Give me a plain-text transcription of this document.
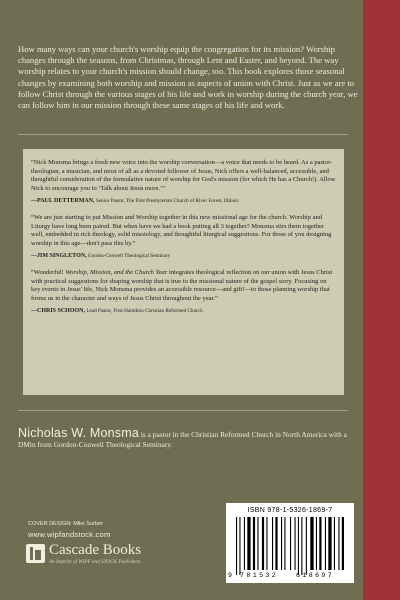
How many ways can your church's worship equip the congregation for its mission? Worship changes through the seasons, from Christmas, through Lent and Easter, and beyond. The way worship relates to your church's mission should change, too. This book explores those seasonal changes by examining both worship and mission as aspects of union with Christ. Just as we are to follow Christ through the various stages of his life and work in worship during the church year, we can follow him in our mission through these same stages of his life and work.

“Nick Monsma brings a fresh new voice into the worship conversation—a voice that needs to be heard. As a pastor-theologian, a musician, and most of all as a devoted follower of Jesus, Nick offers a well-balanced, accessible, and thoughtful consideration of the formulative nature of worship for God's mission (for which He has a Church!). Allow Nick to encourage you to ‘Talk about Jesus more.’”

—PAUL DETTERMAN, Senior Pastor, The First Presbyterian Church of River Forest, Illinois

“We are just starting to put Mission and Worship together in this new missional age for the church. Worship and Liturgy have long been paired. But when have we had a book putting all 3 together? Monsma stirs them together well, embedded in rich theology, solid missiology, and thoughtful liturgical suggestions. For those of you designing worship in this age—don't pass this by.”

—JIM SINGLETON, Gordon-Conwell Theological Seminary

“Wonderful! Worship, Mission, and the Church Year integrates theological reflection on our union with Jesus Christ with practical suggestions for shaping worship that is true to the missional nature of the gospel story. Focusing on key events in Jesus' life, Nick Monsma provides an accessible resource—and gift!—to those planning worship that forms us in the character and ways of Jesus Christ throughout the year.”

—CHRIS SCHOON, Lead Pastor, First Hamilton Christian Reformed Church

Nicholas W. Monsma is a pastor in the Christian Reformed Church in North America with a DMin from Gordon-Conwell Theological Seminary.

COVER DESIGN: Mike Surber
www.wipfandstock.com
Cascade Books
An Imprint of WIPF and STOCK Publishers
ISBN 978-1-5326-1869-7
9 781532	618697
